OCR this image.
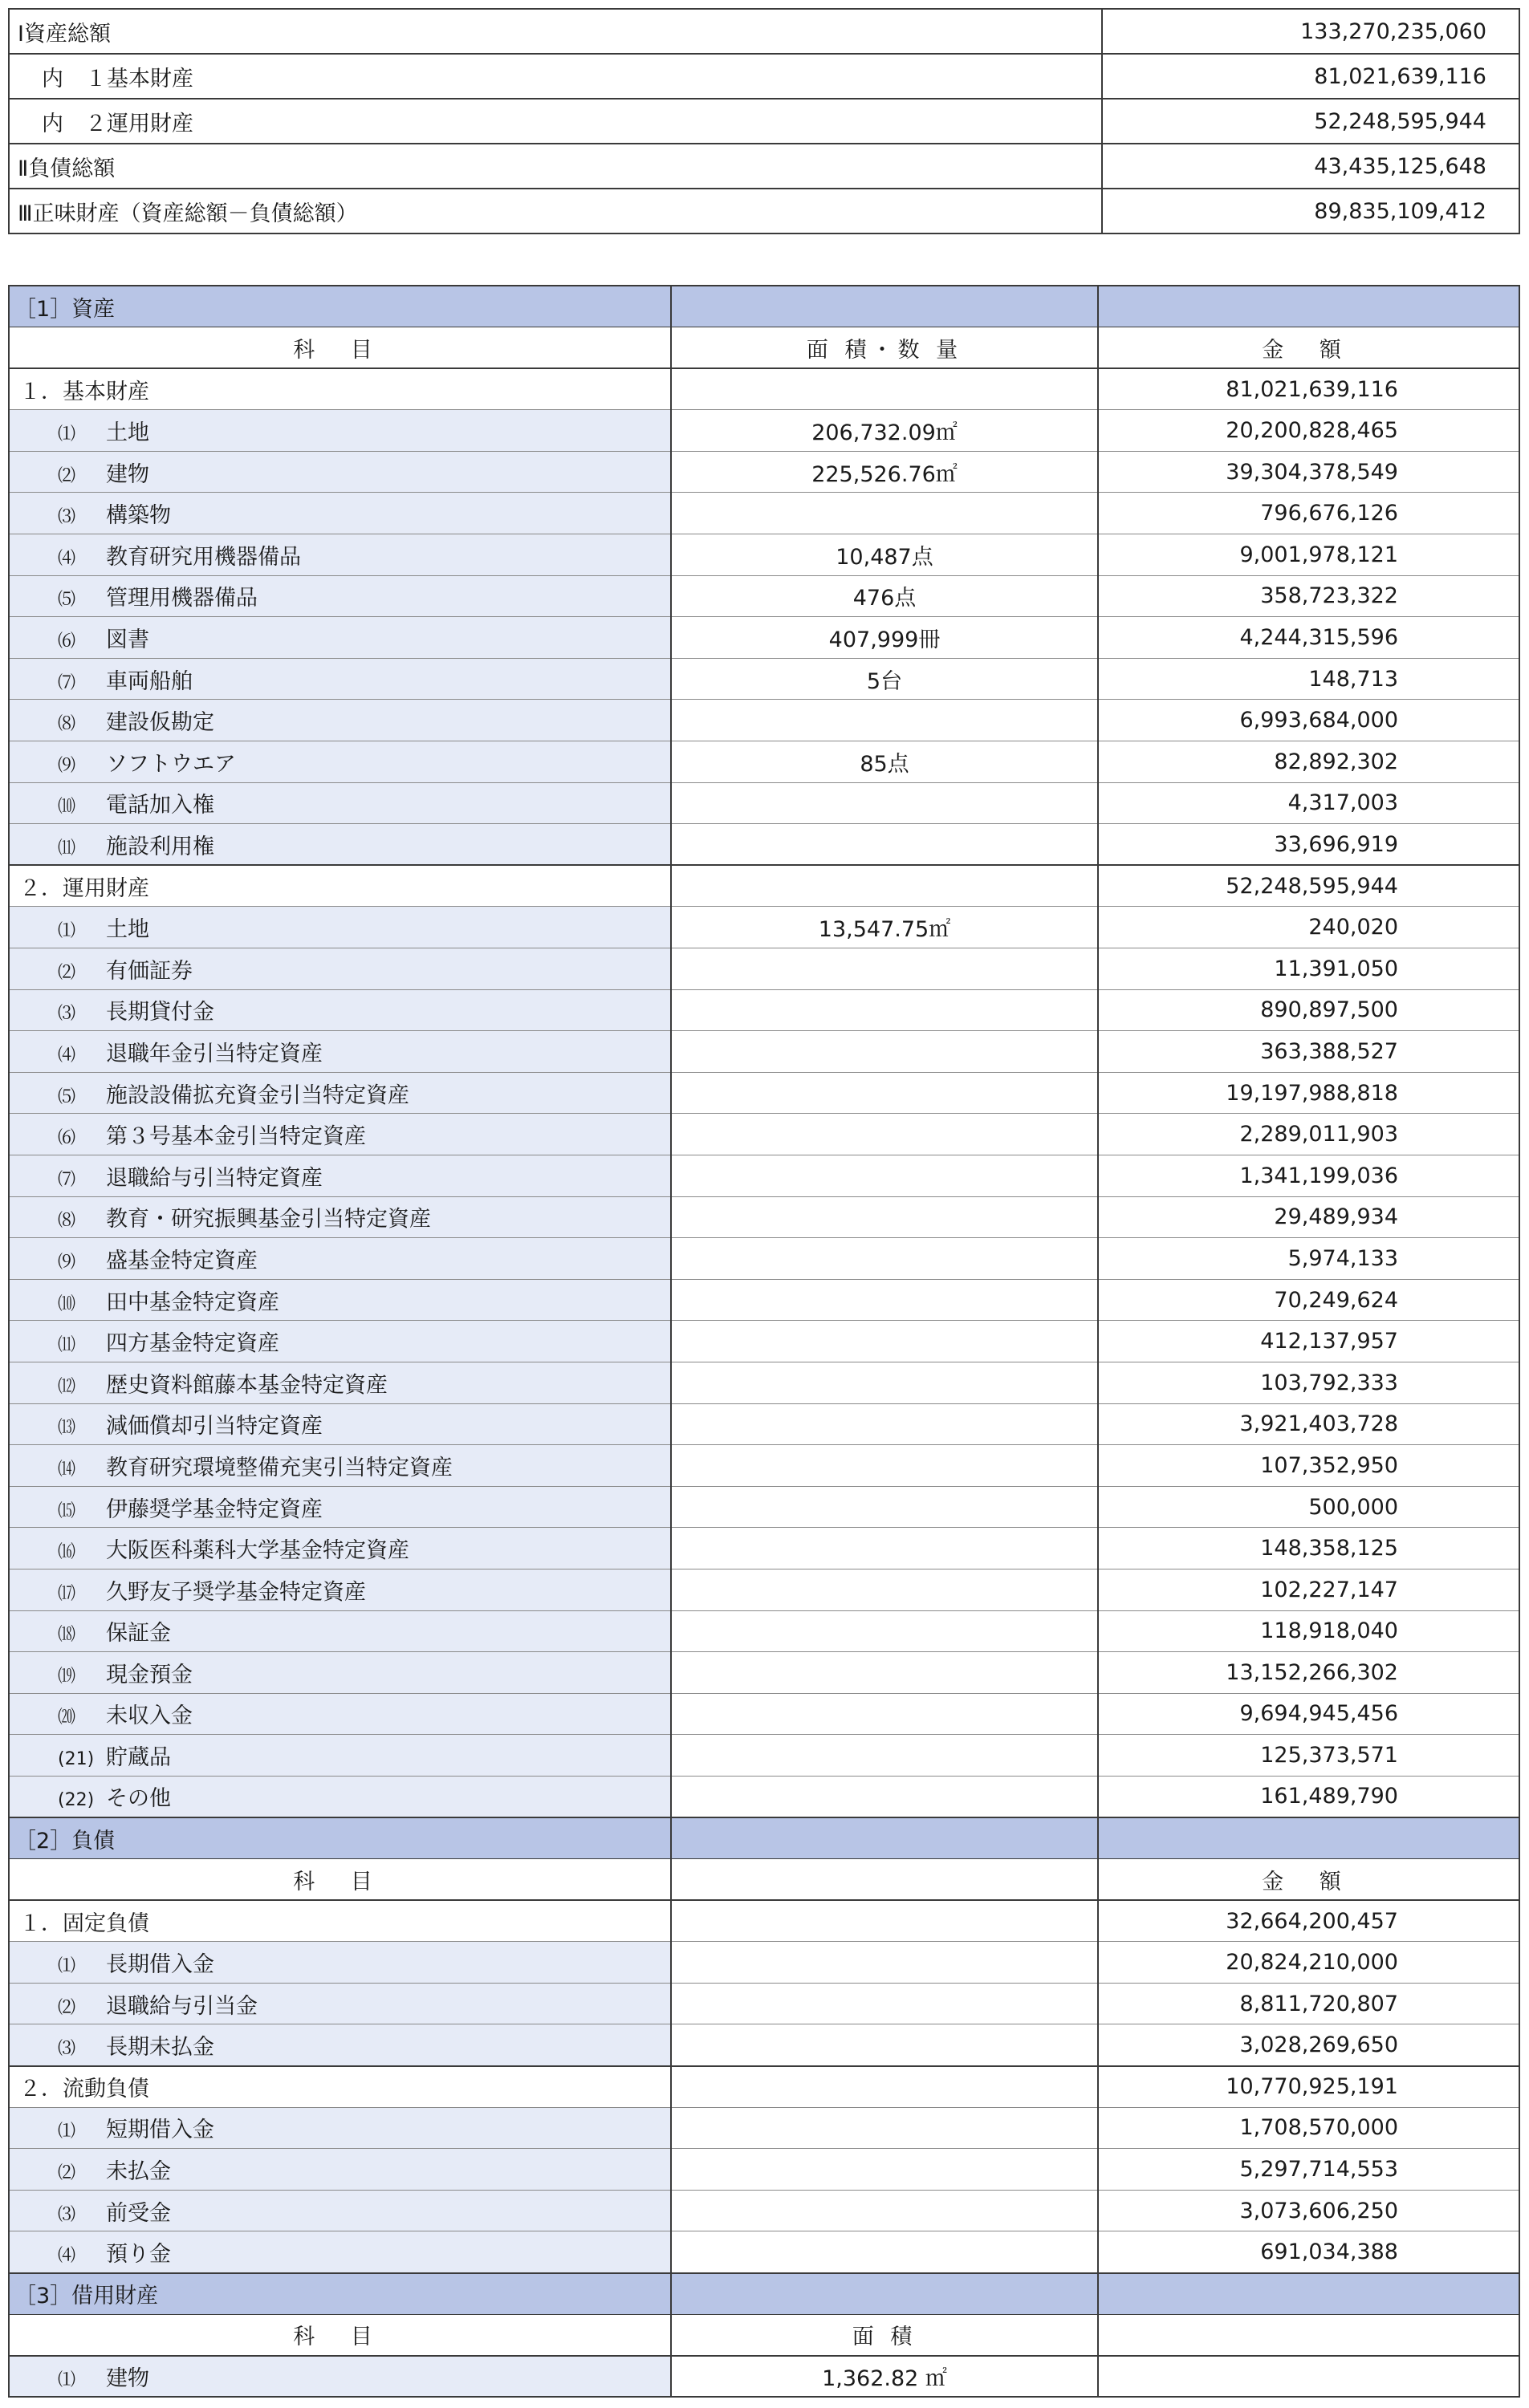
Ⅰ資産総額	133,270,235,060
内　１基本財産	81,021,639,116
内　２運用財産	52,248,595,944
Ⅱ負債総額	43,435,125,648
Ⅲ正味財産（資産総額－負債総額）	89,835,109,412
［1］資産		
科 目	面 積・数 量	金 額
１．基本財産		81,021,639,116
⑴ 土地	206,732.09㎡	20,200,828,465
⑵ 建物	225,526.76㎡	39,304,378,549
⑶ 構築物		796,676,126
⑷ 教育研究用機器備品	10,487点	9,001,978,121
⑸ 管理用機器備品	476点	358,723,322
⑹ 図書	407,999冊	4,244,315,596
⑺ 車両船舶	5台	148,713
⑻ 建設仮勘定		6,993,684,000
⑼ ソフトウエア	85点	82,892,302
⑽ 電話加入権		4,317,003
⑾ 施設利用権		33,696,919
２．運用財産		52,248,595,944
⑴ 土地	13,547.75㎡	240,020
⑵ 有価証券		11,391,050
⑶ 長期貸付金		890,897,500
⑷ 退職年金引当特定資産		363,388,527
⑸ 施設設備拡充資金引当特定資産		19,197,988,818
⑹ 第３号基本金引当特定資産		2,289,011,903
⑺ 退職給与引当特定資産		1,341,199,036
⑻ 教育・研究振興基金引当特定資産		29,489,934
⑼ 盛基金特定資産		5,974,133
⑽ 田中基金特定資産		70,249,624
⑾ 四方基金特定資産		412,137,957
⑿ 歴史資料館藤本基金特定資産		103,792,333
⒀ 減価償却引当特定資産		3,921,403,728
⒁ 教育研究環境整備充実引当特定資産		107,352,950
⒂ 伊藤奨学基金特定資産		500,000
⒃ 大阪医科薬科大学基金特定資産		148,358,125
⒄ 久野友子奨学基金特定資産		102,227,147
⒅ 保証金		118,918,040
⒆ 現金預金		13,152,266,302
⒇ 未収入金		9,694,945,456
(21) 貯蔵品		125,373,571
(22) その他		161,489,790
［2］負債		
科 目		金 額
１．固定負債		32,664,200,457
⑴ 長期借入金		20,824,210,000
⑵ 退職給与引当金		8,811,720,807
⑶ 長期未払金		3,028,269,650
２．流動負債		10,770,925,191
⑴ 短期借入金		1,708,570,000
⑵ 未払金		5,297,714,553
⑶ 前受金		3,073,606,250
⑷ 預り金		691,034,388
［3］借用財産		
科 目	面 積	
⑴ 建物	1,362.82 ㎡	
